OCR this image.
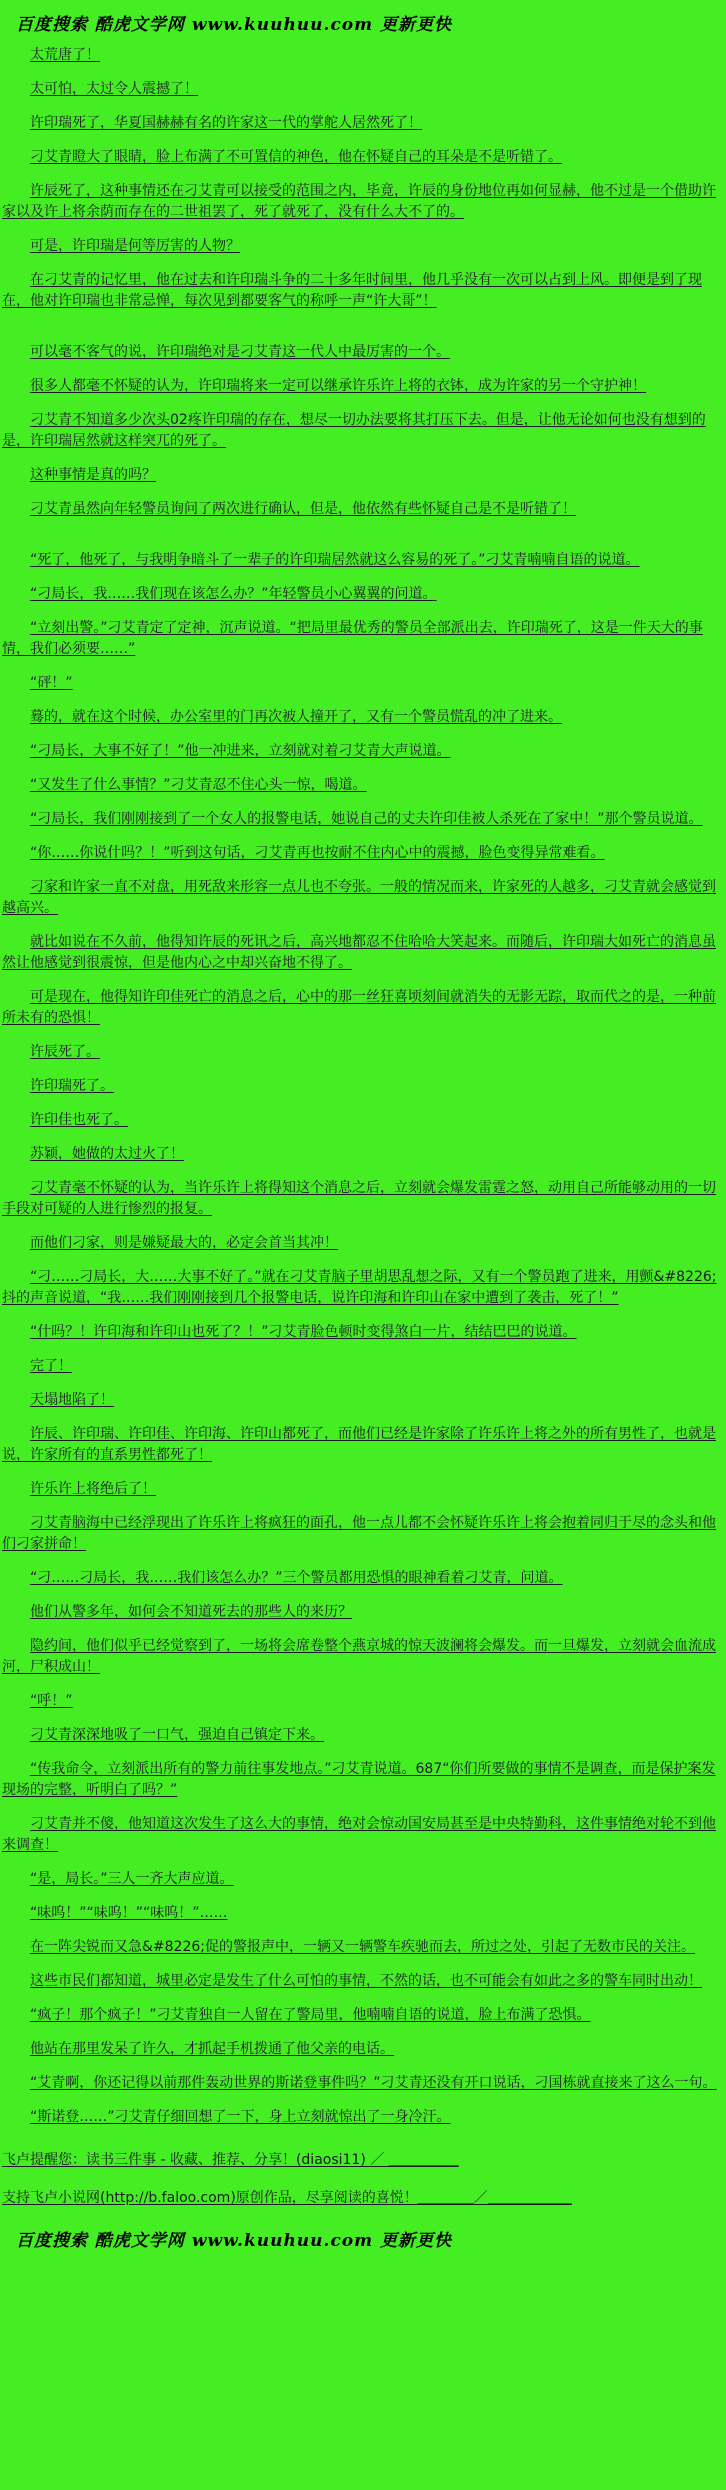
百度搜索 酷虎文学网 www.kuuhuu.com 更新更快

太荒唐了！

太可怕，太过令人震撼了！

许印瑞死了，华夏国赫赫有名的许家这一代的掌舵人居然死了！

刁艾青瞪大了眼睛，脸上布满了不可置信的神色，他在怀疑自己的耳朵是不是听错了。

许辰死了，这种事情还在刁艾青可以接受的范围之内，毕竟，许辰的身份地位再如何显赫，他不过是一个借助许家以及许上将余荫而存在的二世祖罢了，死了就死了，没有什么大不了的。

可是，许印瑞是何等厉害的人物？

在刁艾青的记忆里，他在过去和许印瑞斗争的二十多年时间里，他几乎没有一次可以占到上风。即便是到了现在，他对许印瑞也非常忌惮，每次见到都要客气的称呼一声“许大哥”！

可以毫不客气的说，许印瑞绝对是刁艾青这一代人中最厉害的一个。

很多人都毫不怀疑的认为，许印瑞将来一定可以继承许乐许上将的衣钵，成为许家的另一个守护神！

刁艾青不知道多少次头02疼许印瑞的存在，想尽一切办法要将其打压下去。但是，让他无论如何也没有想到的是，许印瑞居然就这样突兀的死了。

这种事情是真的吗？

刁艾青虽然向年轻警员询问了两次进行确认，但是，他依然有些怀疑自己是不是听错了！

“死了，他死了，与我明争暗斗了一辈子的许印瑞居然就这么容易的死了。”刁艾青喃喃自语的说道。

“刁局长，我……我们现在该怎么办？”年轻警员小心翼翼的问道。

“立刻出警。”刁艾青定了定神，沉声说道。“把局里最优秀的警员全部派出去，许印瑞死了，这是一件天大的事情，我们必须要……”

“砰！”

蓦的，就在这个时候，办公室里的门再次被人撞开了，又有一个警员慌乱的冲了进来。

“刁局长，大事不好了！”他一冲进来，立刻就对着刁艾青大声说道。

“又发生了什么事情？”刁艾青忍不住心头一惊，喝道。

“刁局长，我们刚刚接到了一个女人的报警电话，她说自己的丈夫许印佳被人杀死在了家中！”那个警员说道。

“你……你说什吗？！”听到这句话，刁艾青再也按耐不住内心中的震撼，脸色变得异常难看。

刁家和许家一直不对盘，用死敌来形容一点儿也不夸张。一般的情况而来，许家死的人越多，刁艾青就会感觉到越高兴。

就比如说在不久前，他得知许辰的死讯之后，高兴地都忍不住哈哈大笑起来。而随后，许印瑞大如死亡的消息虽然让他感觉到很震惊，但是他内心之中却兴奋地不得了。

可是现在，他得知许印佳死亡的消息之后，心中的那一丝狂喜顷刻间就消失的无影无踪，取而代之的是，一种前所未有的恐惧！

许辰死了。

许印瑞死了。

许印佳也死了。

苏颖，她做的太过火了！

刁艾青毫不怀疑的认为，当许乐许上将得知这个消息之后，立刻就会爆发雷霆之怒，动用自己所能够动用的一切手段对可疑的人进行惨烈的报复。

而他们刁家，则是嫌疑最大的，必定会首当其冲！

“刁……刁局长，大……大事不好了。”就在刁艾青脑子里胡思乱想之际，又有一个警员跑了进来，用颤&#8226;抖的声音说道，“我……我们刚刚接到几个报警电话，说许印海和许印山在家中遭到了袭击，死了！”

“什吗？！许印海和许印山也死了？！”刁艾青脸色顿时变得煞白一片，结结巴巴的说道。

完了！

天塌地陷了！

许辰、许印瑞、许印佳、许印海、许印山都死了，而他们已经是许家除了许乐许上将之外的所有男性了，也就是说，许家所有的直系男性都死了！

许乐许上将绝后了！

刁艾青脑海中已经浮现出了许乐许上将疯狂的面孔，他一点儿都不会怀疑许乐许上将会抱着同归于尽的念头和他们刁家拼命！

“刁……刁局长，我……我们该怎么办？”三个警员都用恐惧的眼神看着刁艾青，问道。

他们从警多年，如何会不知道死去的那些人的来历？

隐约间，他们似乎已经觉察到了，一场将会席卷整个燕京城的惊天波澜将会爆发。而一旦爆发，立刻就会血流成河，尸积成山！

“呼！”

刁艾青深深地吸了一口气，强迫自己镇定下来。

“传我命令，立刻派出所有的警力前往事发地点。”刁艾青说道。687“你们所要做的事情不是调查，而是保护案发现场的完整，听明白了吗？”

刁艾青并不傻，他知道这次发生了这么大的事情，绝对会惊动国安局甚至是中央特勤科，这件事情绝对轮不到他来调查！

“是，局长。”三人一齐大声应道。

“味呜！”“味呜！”“味呜！”……

在一阵尖锐而又急&#8226;促的警报声中，一辆又一辆警车疾驰而去，所过之处，引起了无数市民的关注。

这些市民们都知道，城里必定是发生了什么可怕的事情，不然的话，也不可能会有如此之多的警车同时出动！

“疯子！那个疯子！”刁艾青独自一人留在了警局里，他喃喃自语的说道，脸上布满了恐惧。

他站在那里发呆了许久，才抓起手机拨通了他父亲的电话。

“艾青啊，你还记得以前那件轰动世界的斯诺登事件吗？”刁艾青还没有开口说话，刁国栋就直接来了这么一句。

“斯诺登……”刁艾青仔细回想了一下，身上立刻就惊出了一身冷汗。

飞卢提醒您：读书三件事 - 收藏、推荐、分享！(diaosi11) ／ ＿＿＿＿＿

支持飞卢小说网(http://b.faloo.com)原创作品，尽享阅读的喜悦！＿＿＿＿／＿＿＿＿＿＿

百度搜索 酷虎文学网 www.kuuhuu.com 更新更快
